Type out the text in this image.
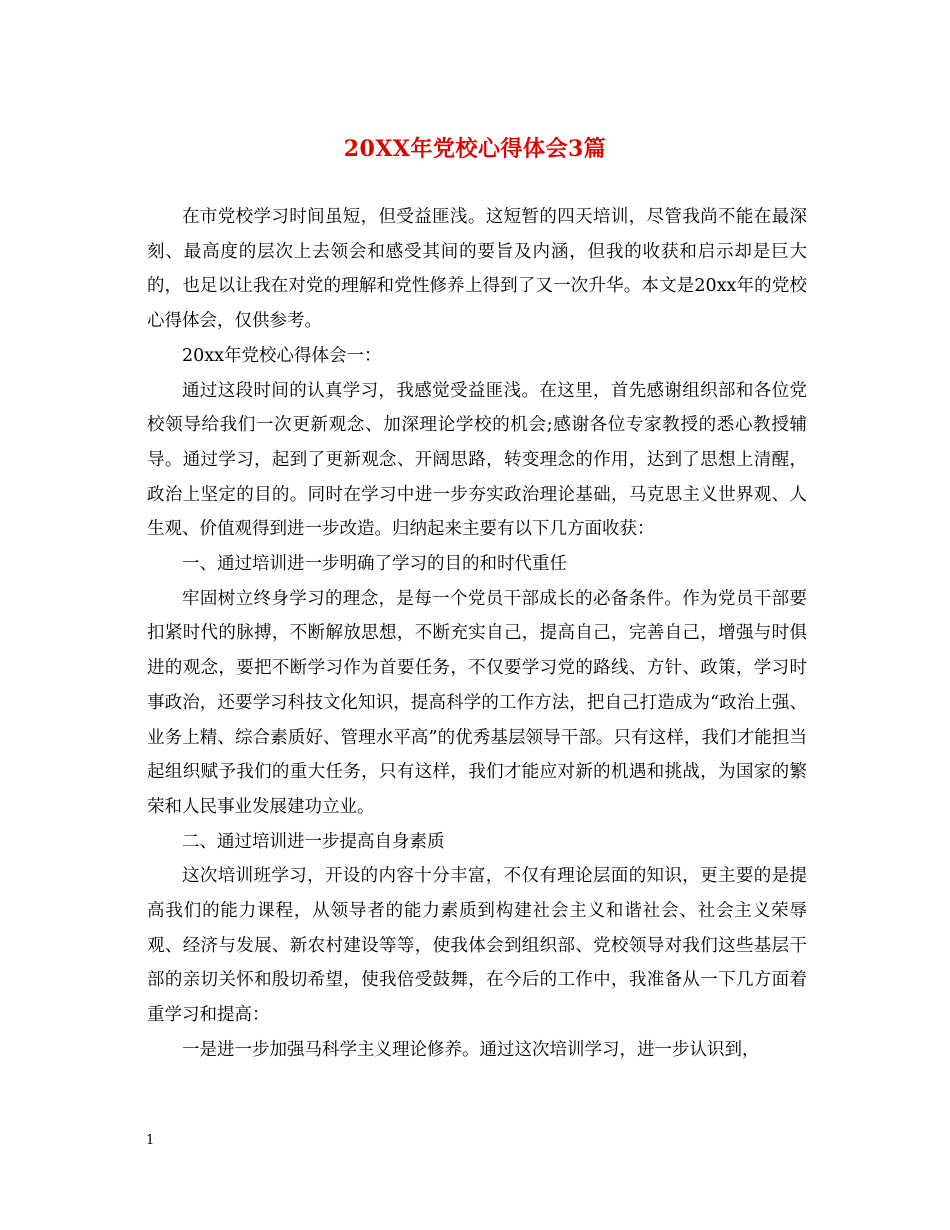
20XX年党校心得体会3篇

在市党校学习时间虽短，但受益匪浅。这短暂的四天培训，尽管我尚不能在最深刻、最高度的层次上去领会和感受其间的要旨及内涵，但我的收获和启示却是巨大的，也足以让我在对党的理解和党性修养上得到了又一次升华。本文是20xx年的党校心得体会，仅供参考。

20xx年党校心得体会一：

通过这段时间的认真学习，我感觉受益匪浅。在这里，首先感谢组织部和各位党校领导给我们一次更新观念、加深理论学校的机会;感谢各位专家教授的悉心教授辅导。通过学习，起到了更新观念、开阔思路，转变理念的作用，达到了思想上清醒，政治上坚定的目的。同时在学习中进一步夯实政治理论基础，马克思主义世界观、人生观、价值观得到进一步改造。归纳起来主要有以下几方面收获：

一、通过培训进一步明确了学习的目的和时代重任

牢固树立终身学习的理念，是每一个党员干部成长的必备条件。作为党员干部要扣紧时代的脉搏，不断解放思想，不断充实自己，提高自己，完善自己，增强与时俱进的观念，要把不断学习作为首要任务，不仅要学习党的路线、方针、政策，学习时事政治，还要学习科技文化知识，提高科学的工作方法，把自己打造成为“政治上强、业务上精、综合素质好、管理水平高”的优秀基层领导干部。只有这样，我们才能担当起组织赋予我们的重大任务，只有这样，我们才能应对新的机遇和挑战，为国家的繁荣和人民事业发展建功立业。

二、通过培训进一步提高自身素质

这次培训班学习，开设的内容十分丰富，不仅有理论层面的知识，更主要的是提高我们的能力课程，从领导者的能力素质到构建社会主义和谐社会、社会主义荣辱观、经济与发展、新农村建设等等，使我体会到组织部、党校领导对我们这些基层干部的亲切关怀和殷切希望，使我倍受鼓舞，在今后的工作中，我准备从一下几方面着重学习和提高：

一是进一步加强马科学主义理论修养。通过这次培训学习，进一步认识到，

1
